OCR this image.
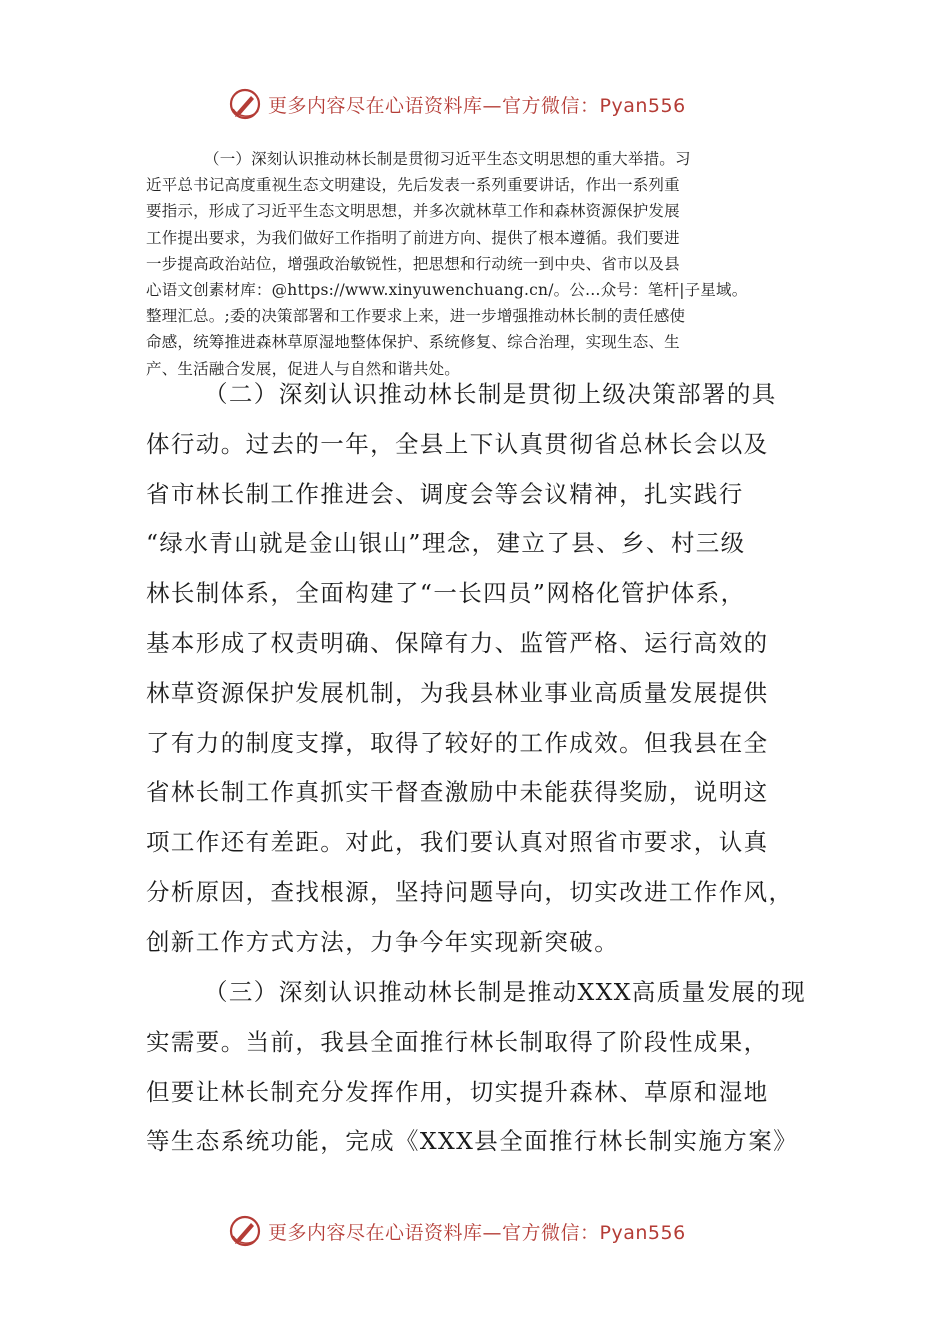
更多内容尽在心语资料库—官方微信：Pyan556
（一）深刻认识推动林长制是贯彻习近平生态文明思想的重大举措。习
近平总书记高度重视生态文明建设，先后发表一系列重要讲话，作出一系列重
要指示，形成了习近平生态文明思想，并多次就林草工作和森林资源保护发展
工作提出要求，为我们做好工作指明了前进方向、提供了根本遵循。我们要进
一步提高政治站位，增强政治敏锐性，把思想和行动统一到中央、省市以及县
心语文创素材库：@https://www.xinyuwenchuang.cn/。公…众号：笔杆|子星域。
整理汇总。;委的决策部署和工作要求上来，进一步增强推动林长制的责任感使
命感，统筹推进森林草原湿地整体保护、系统修复、综合治理，实现生态、生
产、生活融合发展，促进人与自然和谐共处。
（二）深刻认识推动林长制是贯彻上级决策部署的具
体行动。过去的一年，全县上下认真贯彻省总林长会以及
省市林长制工作推进会、调度会等会议精神，扎实践行
“绿水青山就是金山银山”理念，建立了县、乡、村三级
林长制体系，全面构建了“一长四员”网格化管护体系，
基本形成了权责明确、保障有力、监管严格、运行高效的
林草资源保护发展机制，为我县林业事业高质量发展提供
了有力的制度支撑，取得了较好的工作成效。但我县在全
省林长制工作真抓实干督查激励中未能获得奖励，说明这
项工作还有差距。对此，我们要认真对照省市要求，认真
分析原因，查找根源，坚持问题导向，切实改进工作作风，
创新工作方式方法，力争今年实现新突破。
（三）深刻认识推动林长制是推动XXX高质量发展的现
实需要。当前，我县全面推行林长制取得了阶段性成果，
但要让林长制充分发挥作用，切实提升森林、草原和湿地
等生态系统功能，完成《XXX县全面推行林长制实施方案》
更多内容尽在心语资料库—官方微信：Pyan556
